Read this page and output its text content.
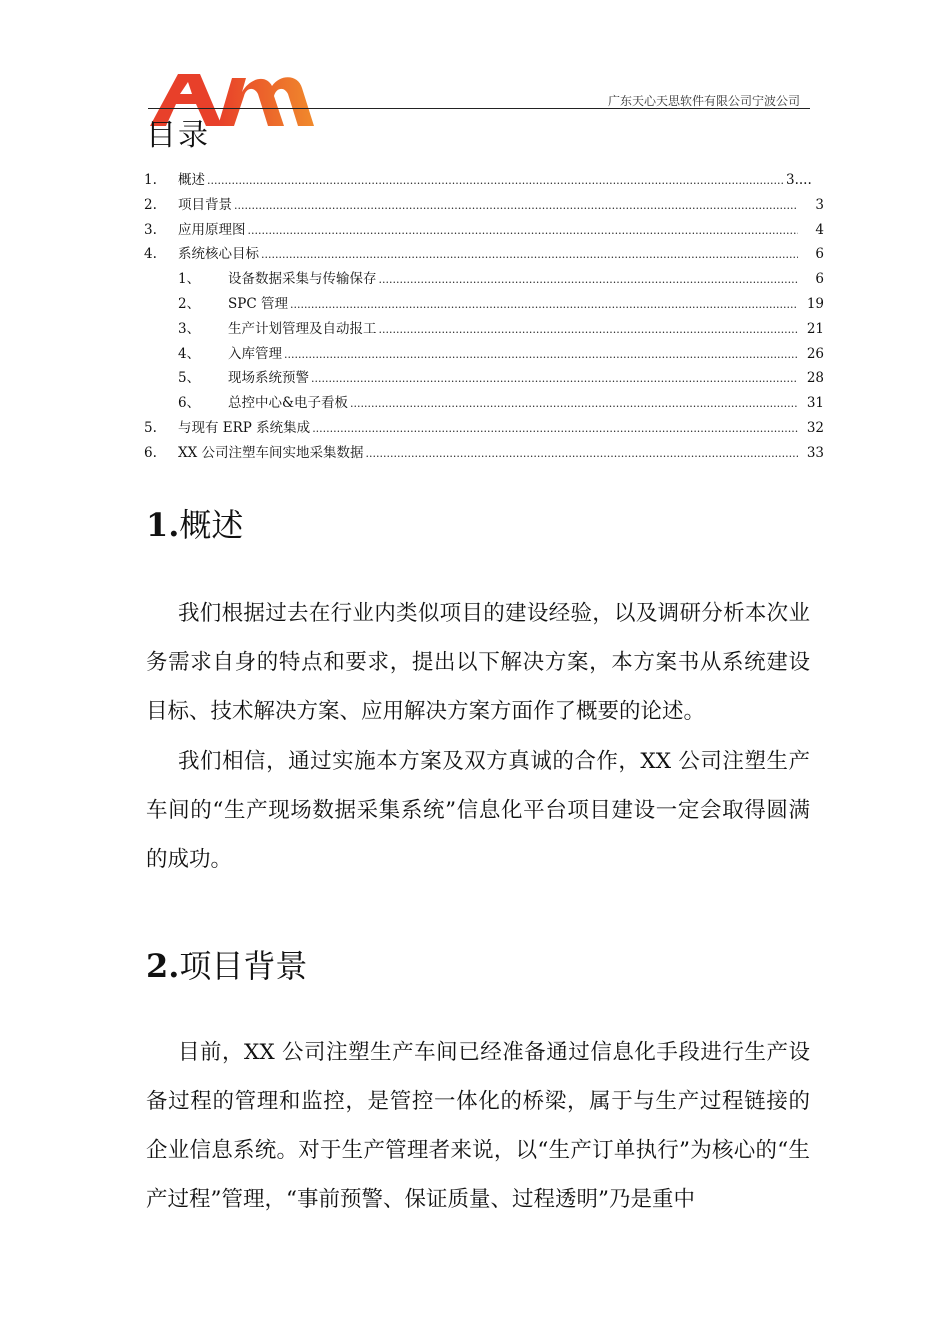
广东天心天思软件有限公司宁波公司
目录
1.	概述 .....	3....
2.	项目背景 .....	3
3.	应用原理图 .....	4
4.	系统核心目标 .....	6
1、	设备数据采集与传输保存 .....	6
2、	SPC 管理 .....	19
3、	生产计划管理及自动报工 .....	21
4、	入库管理 .....	26
5、	现场系统预警 .....	28
6、	总控中心&电子看板 .....	31
5.	与现有 ERP 系统集成 .....	32
6.	XX 公司注塑车间实地采集数据 .....	33
1.概述

我们根据过去在行业内类似项目的建设经验，以及调研分析本次业务需求自身的特点和要求，提出以下解决方案，本方案书从系统建设目标、技术解决方案、应用解决方案方面作了概要的论述。

我们相信，通过实施本方案及双方真诚的合作，XX 公司注塑生产车间的“生产现场数据采集系统”信息化平台项目建设一定会取得圆满的成功。

2.项目背景

目前，XX 公司注塑生产车间已经准备通过信息化手段进行生产设备过程的管理和监控，是管控一体化的桥梁，属于与生产过程链接的企业信息系统。对于生产管理者来说，以“生产订单执行”为核心的“生产过程”管理，“事前预警、保证质量、过程透明”乃是重中
